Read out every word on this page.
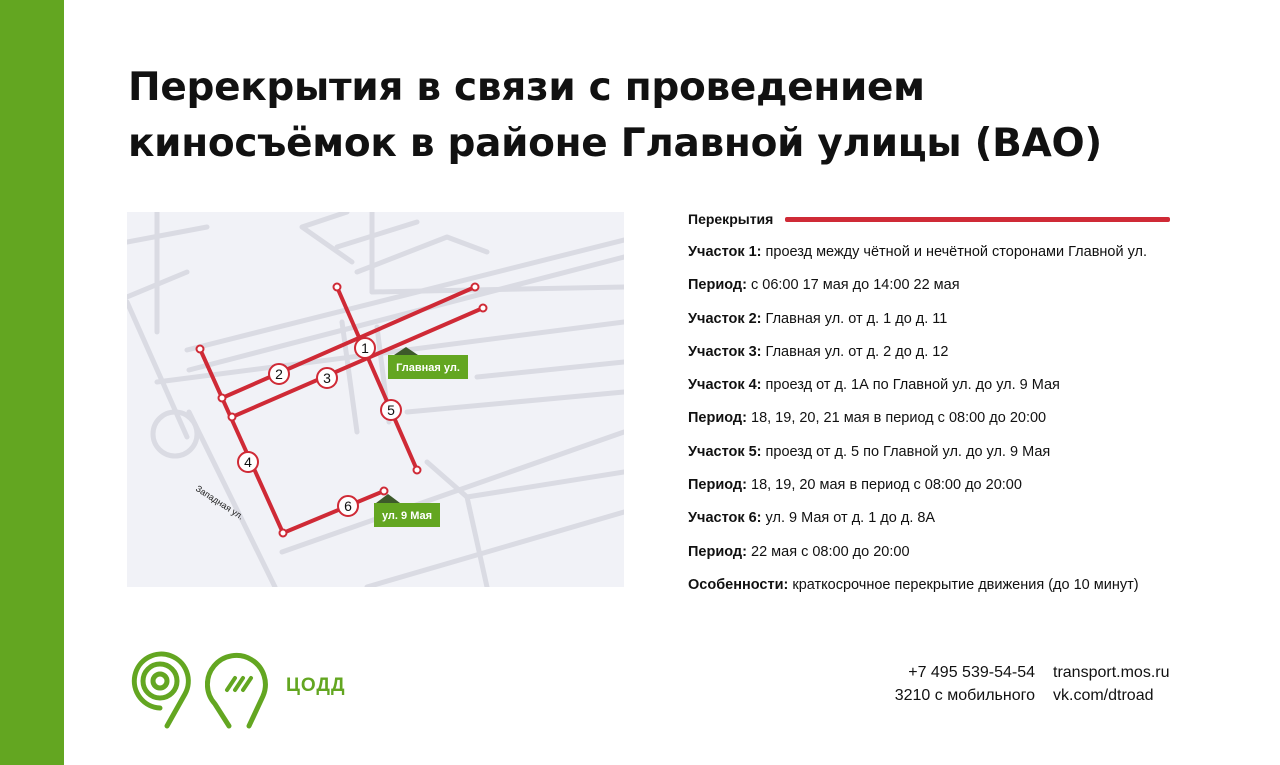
Перекрытия в связи с проведением
киносъёмок в районе Главной улицы (ВАО)
1
2	3
4
5
6
Главная ул.
ул. 9 Мая
Западная ул.
Перекрытия
Участок 1: проезд между чётной и нечётной сторонами Главной ул.
Период: с 06:00 17 мая до 14:00 22 мая
Участок 2: Главная ул. от д. 1 до д. 11
Участок 3: Главная ул. от д. 2 до д. 12
Участок 4: проезд от д. 1А по Главной ул. до ул. 9 Мая
Период: 18, 19, 20, 21 мая в период с 08:00 до 20:00
Участок 5: проезд от д. 5 по Главной ул. до ул. 9 Мая
Период: 18, 19, 20 мая в период с 08:00 до 20:00
Участок 6: ул. 9 Мая от д. 1 до д. 8А
Период: 22 мая с 08:00 до 20:00
Особенности: краткосрочное перекрытие движения (до 10 минут)
ЦОДД
+7 495 539-54-54
3210 с мобильного
transport.mos.ru
vk.com/dtroad
